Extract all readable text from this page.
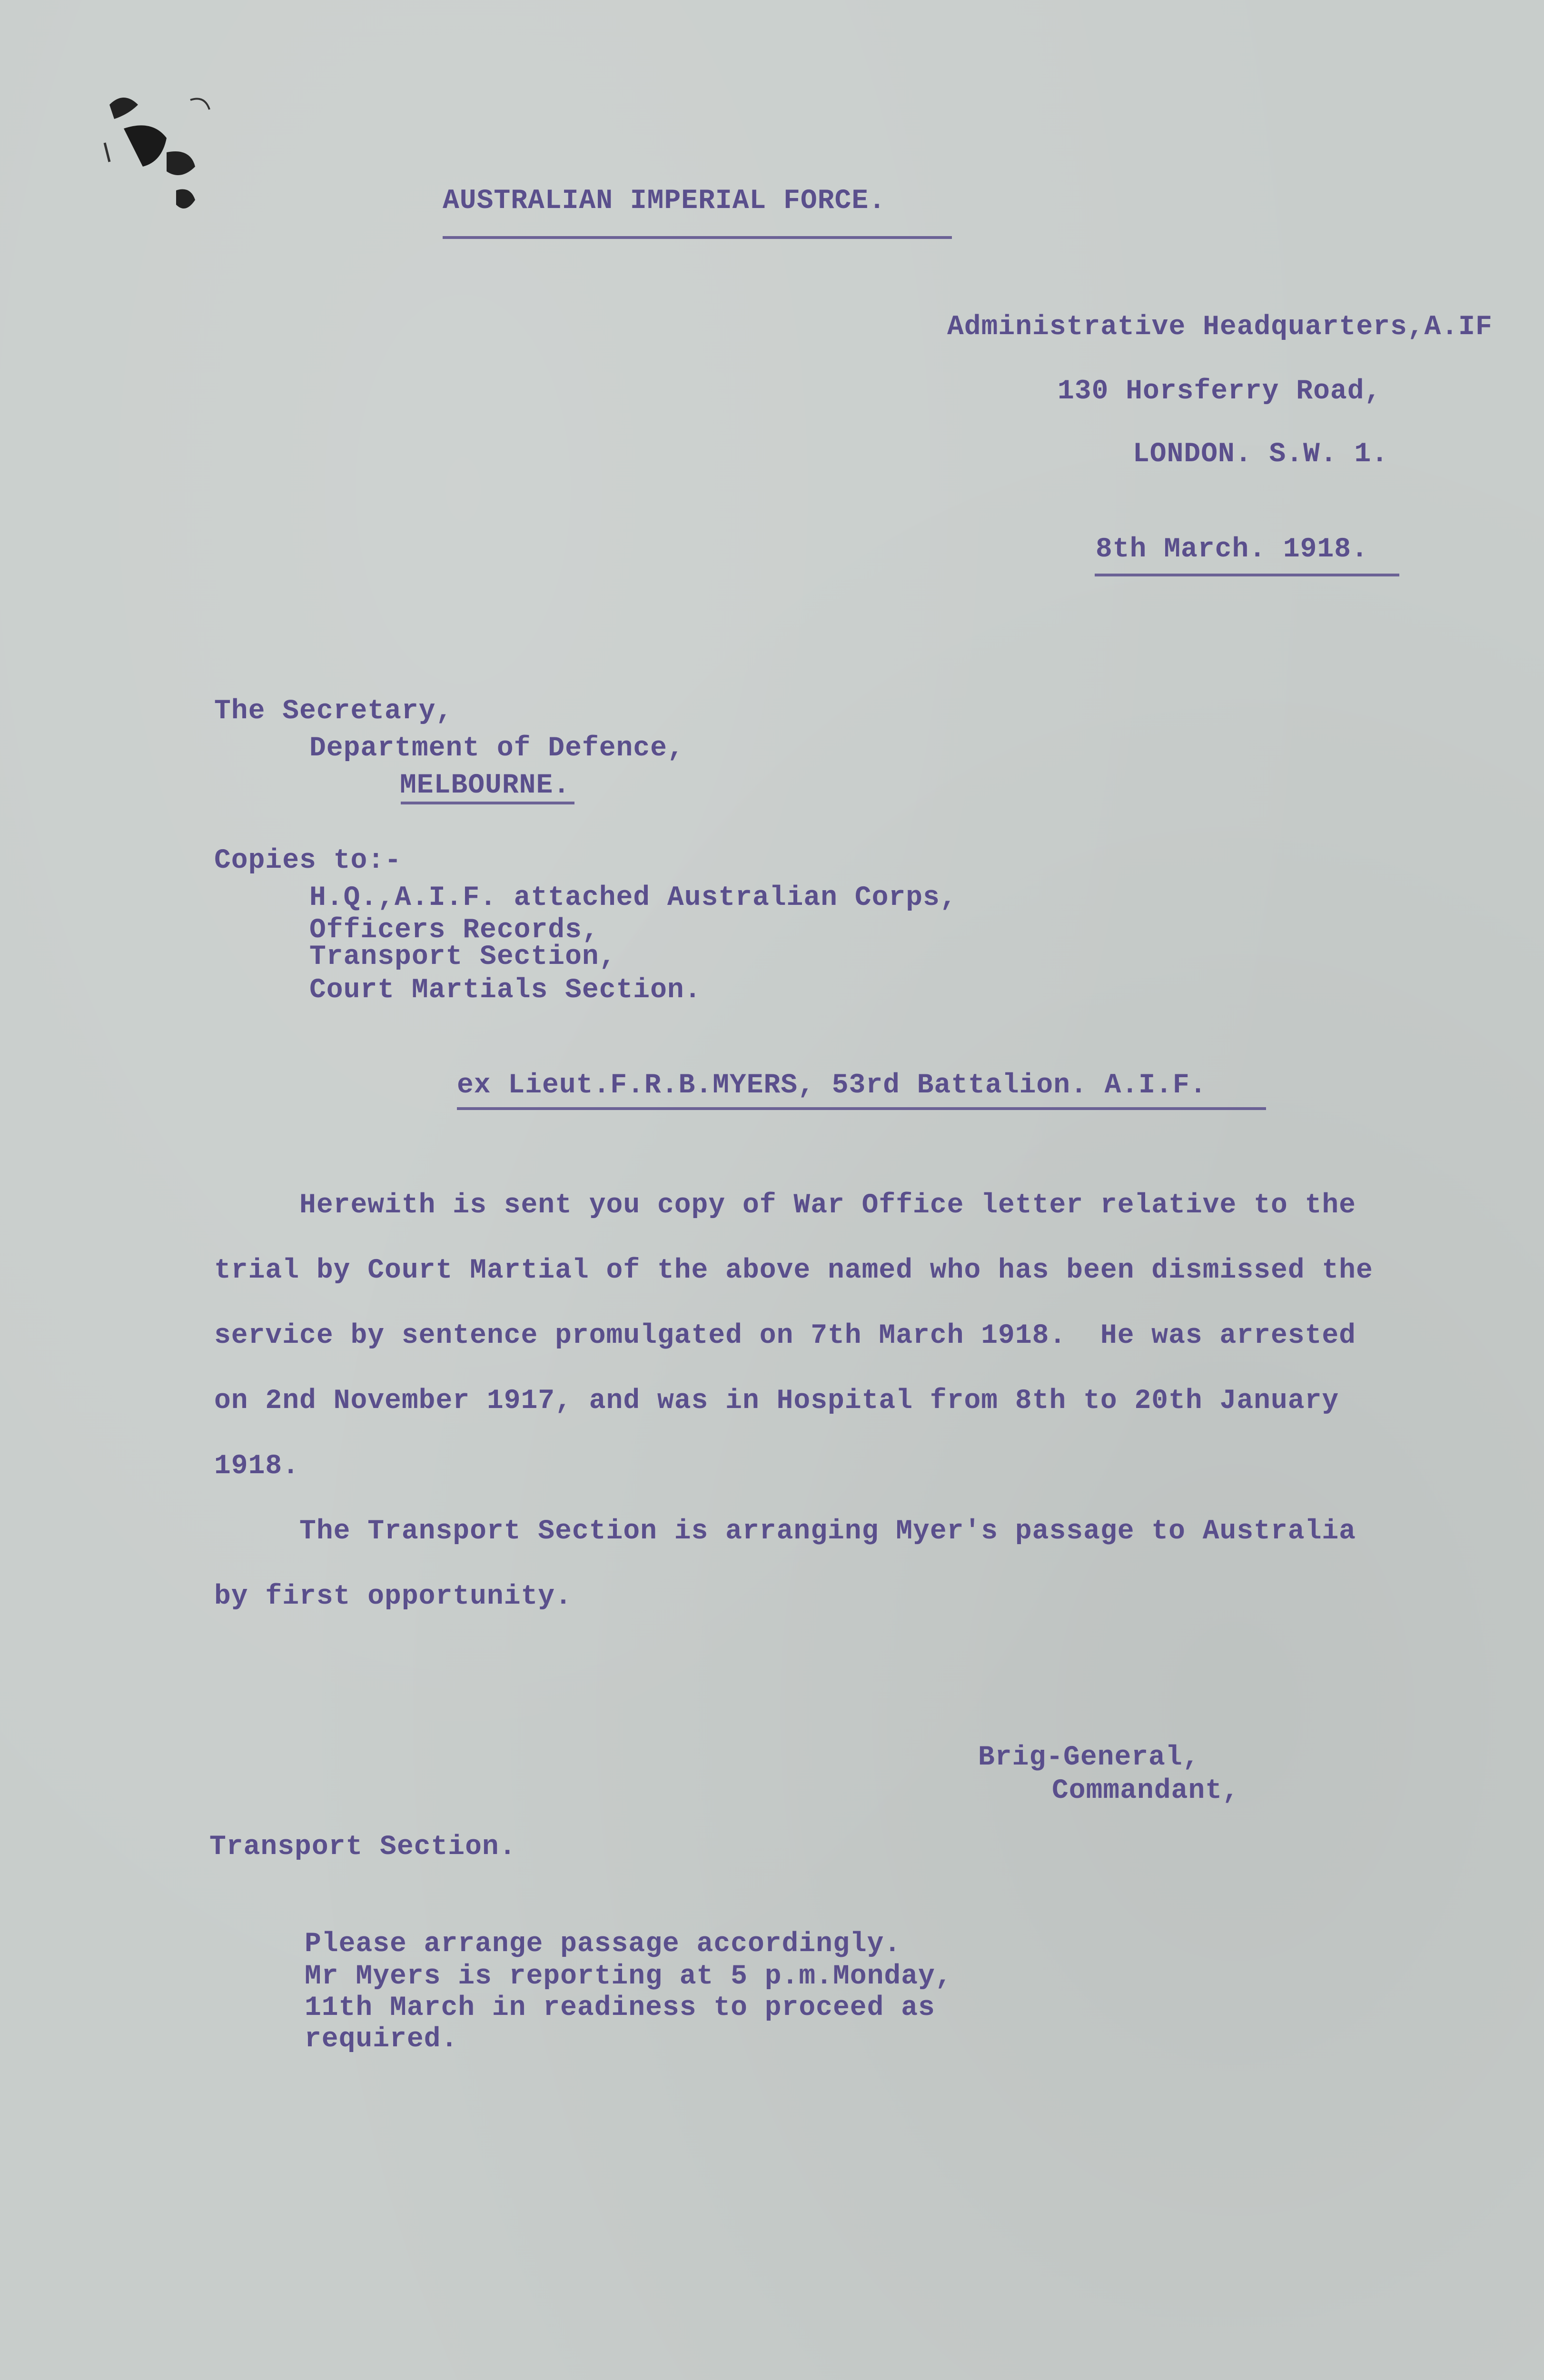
AUSTRALIAN IMPERIAL FORCE.
Administrative Headquarters,A.IF
130 Horsferry Road,
LONDON. S.W. 1.
8th March. 1918.
The Secretary,
Department of Defence,
MELBOURNE.
Copies to:-
H.Q.,A.I.F. attached Australian Corps,
Officers Records,
Transport Section,
Court Martials Section.
ex Lieut.F.R.B.MYERS, 53rd Battalion. A.I.F.
Herewith is sent you copy of War Office letter relative to the
trial by Court Martial of the above named who has been dismissed the
service by sentence promulgated on 7th March 1918.  He was arrested
on 2nd November 1917, and was in Hospital from 8th to 20th January
1918.
The Transport Section is arranging Myer's passage to Australia
by first opportunity.
Brig-General,
Commandant,
Transport Section.
Please arrange passage accordingly.
Mr Myers is reporting at 5 p.m.Monday,
11th March in readiness to proceed as
required.
